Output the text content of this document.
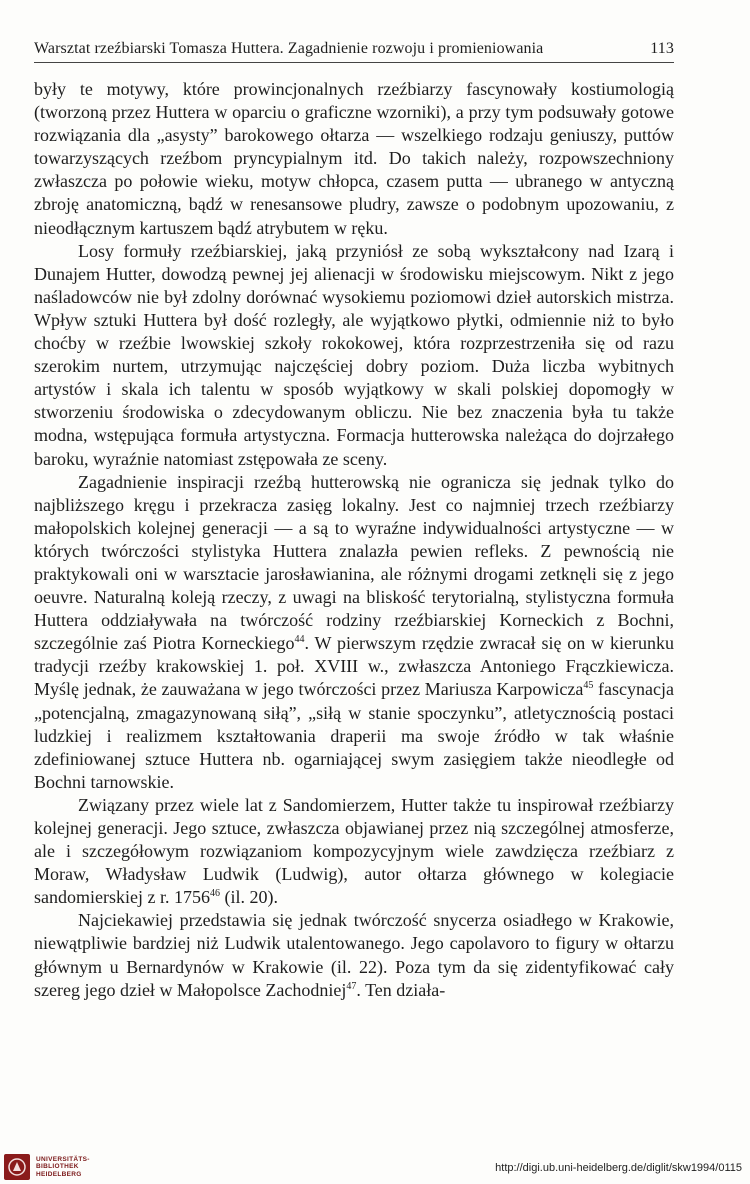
Warsztat rzeźbiarski Tomasza Huttera. Zagadnienie rozwoju i promieniowania	113

były te motywy, które prowincjonalnych rzeźbiarzy fascynowały kostiumologią (tworzoną przez Huttera w oparciu o graficzne wzorniki), a przy tym podsuwały gotowe rozwiązania dla „asysty” barokowego ołtarza — wszelkiego rodzaju geniuszy, puttów towarzyszących rzeźbom pryncypialnym itd. Do takich należy, rozpowszechniony zwłaszcza po połowie wieku, motyw chłopca, czasem putta — ubranego w antyczną zbroję anatomiczną, bądź w renesansowe pludry, zawsze o podobnym upozowaniu, z nieodłącznym kartuszem bądź atrybutem w ręku.

Losy formuły rzeźbiarskiej, jaką przyniósł ze sobą wykształcony nad Izarą i Dunajem Hutter, dowodzą pewnej jej alienacji w środowisku miejscowym. Nikt z jego naśladowców nie był zdolny dorównać wysokiemu poziomowi dzieł autorskich mistrza. Wpływ sztuki Huttera był dość rozległy, ale wyjątkowo płytki, odmiennie niż to było choćby w rzeźbie lwowskiej szkoły rokokowej, która rozprzestrzeniła się od razu szerokim nurtem, utrzymując najczęściej dobry poziom. Duża liczba wybitnych artystów i skala ich talentu w sposób wyjątkowy w skali polskiej dopomogły w stworzeniu środowiska o zdecydowanym obliczu. Nie bez znaczenia była tu także modna, wstępująca formuła artystyczna. Formacja hutterowska należąca do dojrzałego baroku, wyraźnie natomiast zstępowała ze sceny.

Zagadnienie inspiracji rzeźbą hutterowską nie ogranicza się jednak tylko do najbliższego kręgu i przekracza zasięg lokalny. Jest co najmniej trzech rzeźbiarzy małopolskich kolejnej generacji — a są to wyraźne indywidualności artystyczne — w których twórczości stylistyka Huttera znalazła pewien refleks. Z pewnością nie praktykowali oni w warsztacie jarosławianina, ale różnymi drogami zetknęli się z jego oeuvre. Naturalną koleją rzeczy, z uwagi na bliskość terytorialną, stylistyczna formuła Huttera oddziaływała na twórczość rodziny rzeźbiarskiej Korneckich z Bochni, szczególnie zaś Piotra Korneckiego$^{44}$. W pierwszym rzędzie zwracał się on w kierunku tradycji rzeźby krakowskiej 1. poł. XVIII w., zwłaszcza Antoniego Frączkiewicza. Myślę jednak, że zauważana w jego twórczości przez Mariusza Karpowicza$^{45}$ fascynacja „potencjalną, zmagazynowaną siłą”, „siłą w stanie spoczynku”, atletycznością postaci ludzkiej i realizmem kształtowania draperii ma swoje źródło w tak właśnie zdefiniowanej sztuce Huttera nb. ogarniającej swym zasięgiem także nieodległe od Bochni tarnowskie.

Związany przez wiele lat z Sandomierzem, Hutter także tu inspirował rzeźbiarzy kolejnej generacji. Jego sztuce, zwłaszcza objawianej przez nią szczególnej atmosferze, ale i szczegółowym rozwiązaniom kompozycyjnym wiele zawdzięcza rzeźbiarz z Moraw, Władysław Ludwik (Ludwig), autor ołtarza głównego w kolegiacie sandomierskiej z r. 1756$^{46}$ (il. 20).

Najciekawiej przedstawia się jednak twórczość snycerza osiadłego w Krakowie, niewątpliwie bardziej niż Ludwik utalentowanego. Jego capolavoro to figury w ołtarzu głównym u Bernardynów w Krakowie (il. 22). Poza tym da się zidentyfikować cały szereg jego dzieł w Małopolsce Zachodniej$^{47}$. Ten działa-

UNIVERSITÄTS-
BIBLIOTHEK
HEIDELBERG
http://digi.ub.uni-heidelberg.de/diglit/skw1994/0115
